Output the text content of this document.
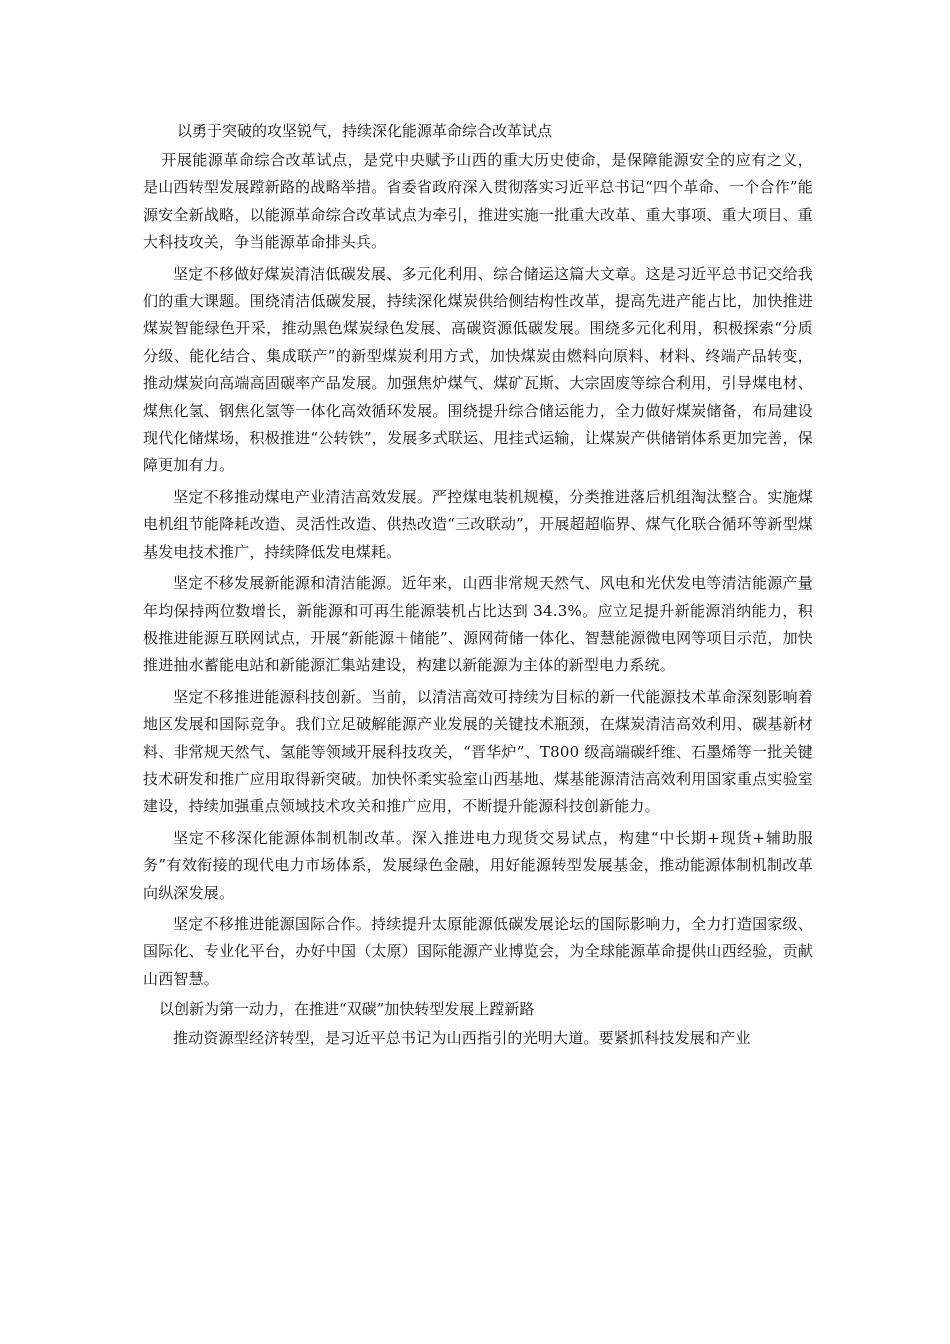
以勇于突破的攻坚锐气，持续深化能源革命综合改革试点

开展能源革命综合改革试点，是党中央赋予山西的重大历史使命，是保障能源安全的应有之义，是山西转型发展蹚新路的战略举措。省委省政府深入贯彻落实习近平总书记“四个革命、一个合作”能源安全新战略，以能源革命综合改革试点为牵引，推进实施一批重大改革、重大事项、重大项目、重大科技攻关，争当能源革命排头兵。

坚定不移做好煤炭清洁低碳发展、多元化利用、综合储运这篇大文章。这是习近平总书记交给我们的重大课题。围绕清洁低碳发展，持续深化煤炭供给侧结构性改革，提高先进产能占比，加快推进煤炭智能绿色开采，推动黑色煤炭绿色发展、高碳资源低碳发展。围绕多元化利用，积极探索“分质分级、能化结合、集成联产”的新型煤炭利用方式，加快煤炭由燃料向原料、材料、终端产品转变，推动煤炭向高端高固碳率产品发展。加强焦炉煤气、煤矿瓦斯、大宗固废等综合利用，引导煤电材、煤焦化氢、钢焦化氢等一体化高效循环发展。围绕提升综合储运能力，全力做好煤炭储备，布局建设现代化储煤场，积极推进“公转铁”，发展多式联运、甩挂式运输，让煤炭产供储销体系更加完善，保障更加有力。

坚定不移推动煤电产业清洁高效发展。严控煤电装机规模，分类推进落后机组淘汰整合。实施煤电机组节能降耗改造、灵活性改造、供热改造“三改联动”，开展超超临界、煤气化联合循环等新型煤基发电技术推广，持续降低发电煤耗。

坚定不移发展新能源和清洁能源。近年来，山西非常规天然气、风电和光伏发电等清洁能源产量年均保持两位数增长，新能源和可再生能源装机占比达到 34.3%。应立足提升新能源消纳能力，积极推进能源互联网试点，开展“新能源＋储能”、源网荷储一体化、智慧能源微电网等项目示范，加快推进抽水蓄能电站和新能源汇集站建设，构建以新能源为主体的新型电力系统。

坚定不移推进能源科技创新。当前，以清洁高效可持续为目标的新一代能源技术革命深刻影响着地区发展和国际竞争。我们立足破解能源产业发展的关键技术瓶颈，在煤炭清洁高效利用、碳基新材料、非常规天然气、氢能等领域开展科技攻关，“晋华炉”、T800 级高端碳纤维、石墨烯等一批关键技术研发和推广应用取得新突破。加快怀柔实验室山西基地、煤基能源清洁高效利用国家重点实验室建设，持续加强重点领域技术攻关和推广应用，不断提升能源科技创新能力。

坚定不移深化能源体制机制改革。深入推进电力现货交易试点，构建“中长期+现货+辅助服务”有效衔接的现代电力市场体系，发展绿色金融，用好能源转型发展基金，推动能源体制机制改革向纵深发展。

坚定不移推进能源国际合作。持续提升太原能源低碳发展论坛的国际影响力，全力打造国家级、国际化、专业化平台，办好中国（太原）国际能源产业博览会，为全球能源革命提供山西经验，贡献山西智慧。

以创新为第一动力，在推进“双碳”加快转型发展上蹚新路

推动资源型经济转型，是习近平总书记为山西指引的光明大道。要紧抓科技发展和产业
